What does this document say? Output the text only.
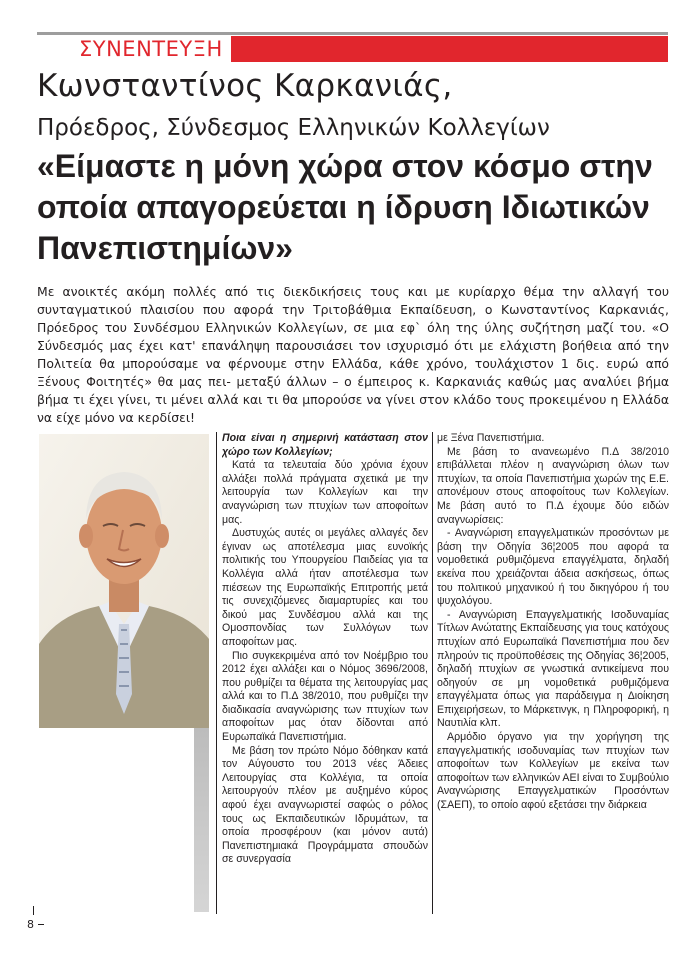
ΣΥΝΕΝΤΕΥΞΗ
Κωνσταντίνος Καρκανιάς,
Πρόεδρος, Σύνδεσμος Ελληνικών Κολλεγίων
«Είμαστε η μόνη χώρα στον κόσμο στην οποία απαγορεύεται η ίδρυση Ιδιωτικών Πανεπιστημίων»

Με ανοικτές ακόμη πολλές από τις διεκδικήσεις τους και με κυρίαρχο θέμα την αλλαγή του συνταγματικού πλαισίου που αφορά την Τριτοβάθμια Εκπαίδευση, ο Κωνσταντίνος Καρκανιάς, Πρόεδρος του Συνδέσμου Ελληνικών Κολλεγίων, σε μια εφ` όλη της ύλης συζήτηση μαζί του. «Ο Σύνδεσμός μας έχει κατ' επανάληψη παρουσιάσει τον ισχυρισμό ότι με ελάχιστη βοήθεια από την Πολιτεία θα μπορούσαμε να φέρνουμε στην Ελλάδα, κάθε χρόνο, τουλάχιστον 1 δις. ευρώ από Ξένους Φοιτητές» θα μας πει- μεταξύ άλλων – ο έμπειρος κ. Καρκανιάς καθώς μας αναλύει βήμα βήμα τι έχει γίνει, τι μένει αλλά και τι θα μπορούσε να γίνει στον κλάδο τους προκειμένου η Ελλάδα να είχε μόνο να κερδίσει!

Ποια είναι η σημερινή κατάσταση στον χώρο των Κολλεγίων;

Κατά τα τελευταία δύο χρόνια έχουν αλλάξει πολλά πράγματα σχετικά με την λειτουργία των Κολλεγίων και την αναγνώριση των πτυχίων των αποφοίτων μας.

Δυστυχώς αυτές οι μεγάλες αλλαγές δεν έγιναν ως αποτέλεσμα μιας ευνοϊκής πολιτικής του Υπουργείου Παιδείας για τα Κολλέγια αλλά ήταν αποτέλεσμα των πιέσεων της Ευρωπαϊκής Επιτροπής μετά τις συνεχιζόμενες διαμαρτυρίες και του δικού μας Συνδέσμου αλλά και της Ομοσπονδίας των Συλλόγων των αποφοίτων μας.

Πιο συγκεκριμένα από τον Νοέμβριο του 2012 έχει αλλάξει και ο Νόμος 3696/2008, που ρυθμίζει τα θέματα της λειτουργίας μας αλλά και το Π.Δ 38/2010, που ρυθμίζει την διαδικασία αναγνώρισης των πτυχίων των αποφοίτων μας όταν δίδονται από Ευρωπαϊκά Πανεπιστήμια.

Με βάση τον πρώτο Νόμο δόθηκαν κατά τον Αύγουστο του 2013 νέες Άδειες Λειτουργίας στα Κολλέγια, τα οποία λειτουργούν πλέον με αυξημένο κύρος αφού έχει αναγνωριστεί σαφώς ο ρόλος τους ως Εκπαιδευτικών Ιδρυμάτων, τα οποία προσφέρουν (και μόνον αυτά) Πανεπιστημιακά Προγράμματα σπουδών σε συνεργασία

με Ξένα Πανεπιστήμια.

Με βάση το ανανεωμένο Π.Δ 38/2010 επιβάλλεται πλέον η αναγνώριση όλων των πτυχίων, τα οποία Πανεπιστήμια χωρών της Ε.Ε. απονέμουν στους αποφοίτους των Κολλεγίων. Με βάση αυτό το Π.Δ έχουμε δύο ειδών αναγνωρίσεις:

- Αναγνώριση επαγγελματικών προσόντων με βάση την Οδηγία 36¦2005 που αφορά τα νομοθετικά ρυθμιζόμενα επαγγέλματα, δηλαδή εκείνα που χρειάζονται άδεια ασκήσεως, όπως του πολιτικού μηχανικού ή του δικηγόρου ή του ψυχολόγου.

- Αναγνώριση Επαγγελματικής Ισοδυναμίας Τίτλων Ανώτατης Εκπαίδευσης για τους κατόχους πτυχίων από Ευρωπαϊκά Πανεπιστήμια που δεν πληρούν τις προϋποθέσεις της Οδηγίας 36¦2005, δηλαδή πτυχίων σε γνωστικά αντικείμενα που οδηγούν σε μη νομοθετικά ρυθμιζόμενα επαγγέλματα όπως για παράδειγμα η Διοίκηση Επιχειρήσεων, το Μάρκετινγκ, η Πληροφορική, η Ναυτιλία κλπ.

Αρμόδιο όργανο για την χορήγηση της επαγγελματικής ισοδυναμίας των πτυχίων των αποφοίτων των Κολλεγίων με εκείνα των αποφοίτων των ελληνικών ΑΕΙ είναι το Συμβούλιο Αναγνώρισης Επαγγελματικών Προσόντων (ΣΑΕΠ), το οποίο αφού εξετάσει την διάρκεια

8
